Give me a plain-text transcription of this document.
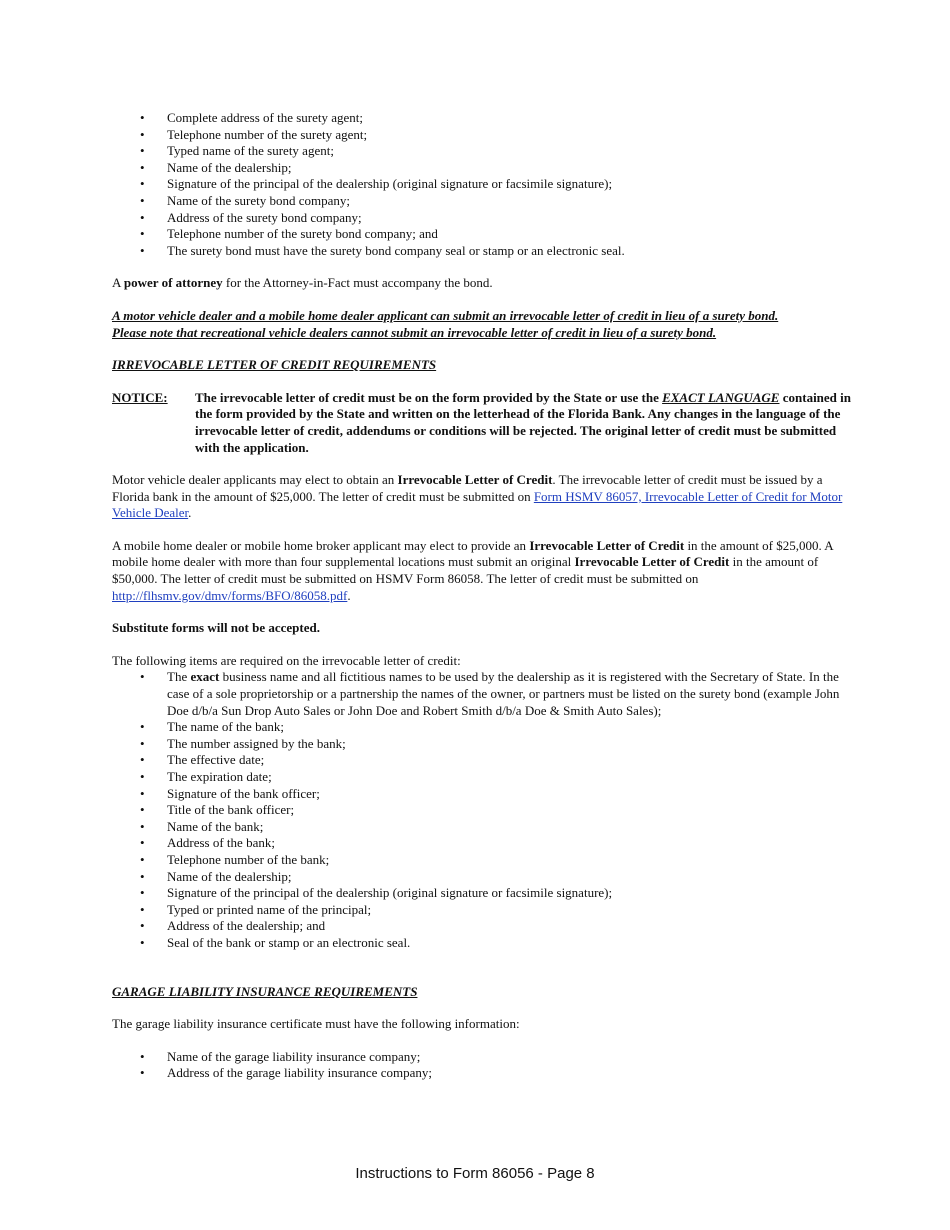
• Complete address of the surety agent;
• Telephone number of the surety agent;
• Typed name of the surety agent;
• Name of the dealership;
• Signature of the principal of the dealership (original signature or facsimile signature);
• Name of the surety bond company;
• Address of the surety bond company;
• Telephone number of the surety bond company; and
• The surety bond must have the surety bond company seal or stamp or an electronic seal.

A power of attorney for the Attorney-in-Fact must accompany the bond.

A motor vehicle dealer and a mobile home dealer applicant can submit an irrevocable letter of credit in lieu of a surety bond.

Please note that recreational vehicle dealers cannot submit an irrevocable letter of credit in lieu of a surety bond.

IRREVOCABLE LETTER OF CREDIT REQUIREMENTS

NOTICE:	The irrevocable letter of credit must be on the form provided by the State or use the EXACT LANGUAGE contained in the form provided by the State and written on the letterhead of the Florida Bank. Any changes in the language of the irrevocable letter of credit, addendums or conditions will be rejected. The original letter of credit must be submitted with the application.

Motor vehicle dealer applicants may elect to obtain an Irrevocable Letter of Credit. The irrevocable letter of credit must be issued by a Florida bank in the amount of $25,000. The letter of credit must be submitted on Form HSMV 86057, Irrevocable Letter of Credit for Motor Vehicle Dealer.

A mobile home dealer or mobile home broker applicant may elect to provide an Irrevocable Letter of Credit in the amount of $25,000. A mobile home dealer with more than four supplemental locations must submit an original Irrevocable Letter of Credit in the amount of $50,000. The letter of credit must be submitted on HSMV Form 86058. The letter of credit must be submitted on http://flhsmv.gov/dmv/forms/BFO/86058.pdf.

Substitute forms will not be accepted.

The following items are required on the irrevocable letter of credit:

• The exact business name and all fictitious names to be used by the dealership as it is registered with the Secretary of State. In the case of a sole proprietorship or a partnership the names of the owner, or partners must be listed on the surety bond (example John Doe d/b/a Sun Drop Auto Sales or John Doe and Robert Smith d/b/a Doe & Smith Auto Sales);
• The name of the bank;
• The number assigned by the bank;
• The effective date;
• The expiration date;
• Signature of the bank officer;
• Title of the bank officer;
• Name of the bank;
• Address of the bank;
• Telephone number of the bank;
• Name of the dealership;
• Signature of the principal of the dealership (original signature or facsimile signature);
• Typed or printed name of the principal;
• Address of the dealership; and
• Seal of the bank or stamp or an electronic seal.

GARAGE LIABILITY INSURANCE REQUIREMENTS

The garage liability insurance certificate must have the following information:

• Name of the garage liability insurance company;
• Address of the garage liability insurance company;
Instructions to Form 86056 - Page 8
